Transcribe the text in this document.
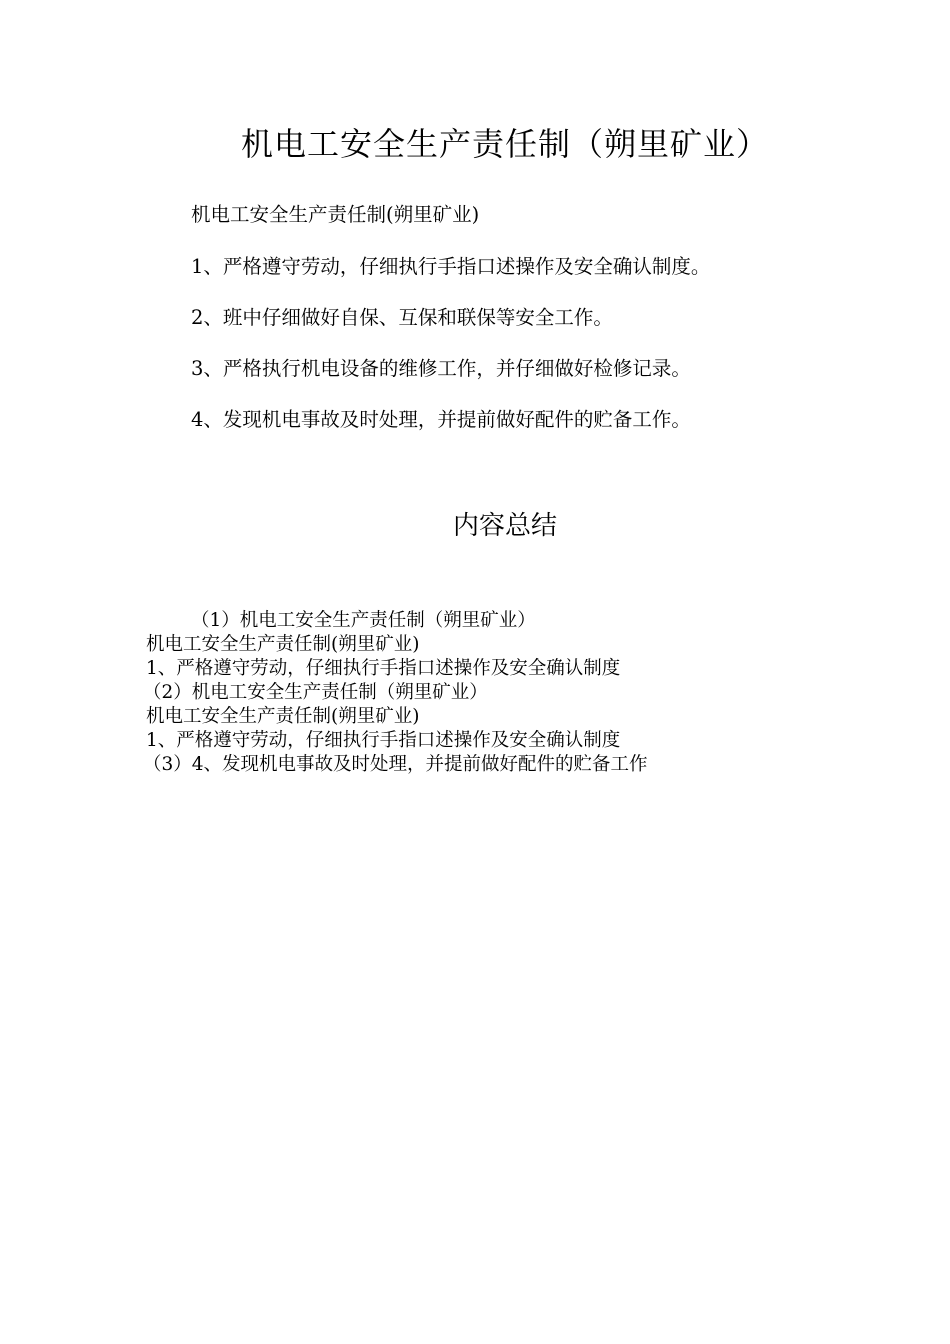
机电工安全生产责任制（朔里矿业）
机电工安全生产责任制(朔里矿业)
1、严格遵守劳动，仔细执行手指口述操作及安全确认制度。
2、班中仔细做好自保、互保和联保等安全工作。
3、严格执行机电设备的维修工作，并仔细做好检修记录。
4、发现机电事故及时处理，并提前做好配件的贮备工作。
内容总结
（1）机电工安全生产责任制（朔里矿业）
机电工安全生产责任制(朔里矿业)
1、严格遵守劳动，仔细执行手指口述操作及安全确认制度
（2）机电工安全生产责任制（朔里矿业）
机电工安全生产责任制(朔里矿业)
1、严格遵守劳动，仔细执行手指口述操作及安全确认制度
（3）4、发现机电事故及时处理，并提前做好配件的贮备工作
